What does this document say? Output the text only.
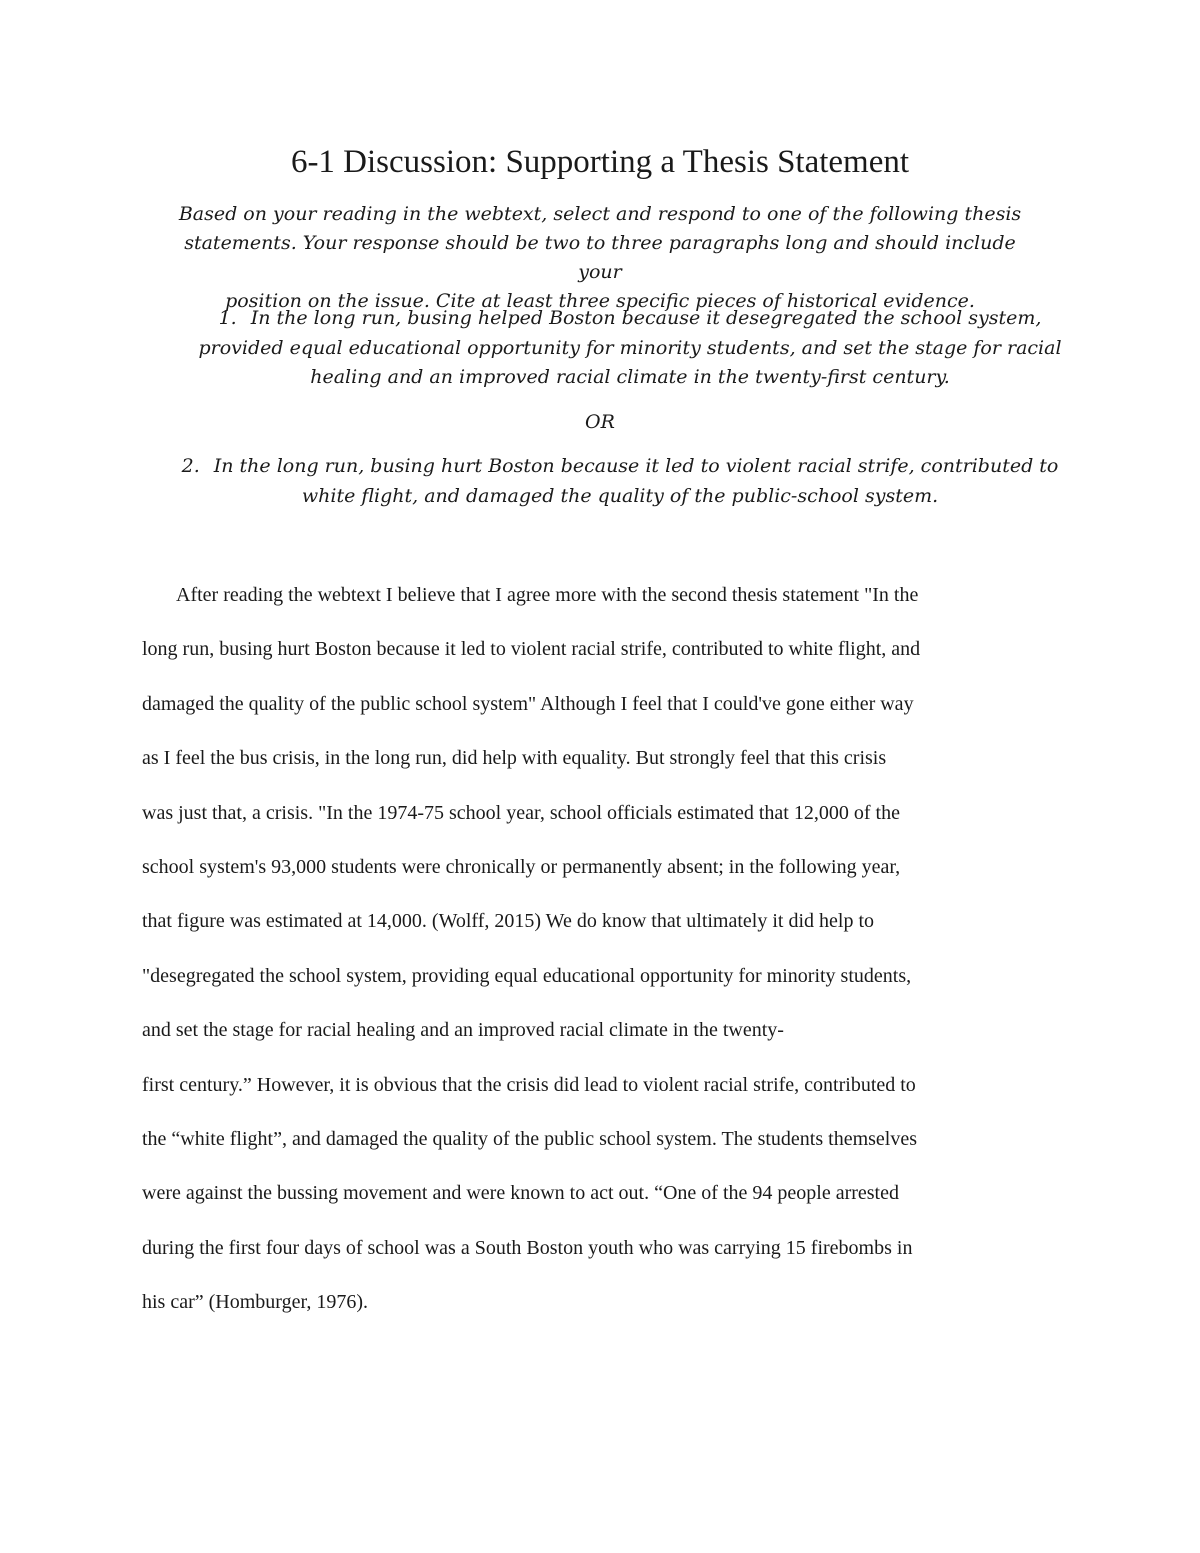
6-1 Discussion: Supporting a Thesis Statement

Based on your reading in the webtext, select and respond to one of the following thesis

statements. Your response should be two to three paragraphs long and should include your

position on the issue. Cite at least three specific pieces of historical evidence.

1. In the long run, busing helped Boston because it desegregated the school system,
provided equal educational opportunity for minority students, and set the stage for racial
healing and an improved racial climate in the twenty-first century.
OR
2. In the long run, busing hurt Boston because it led to violent racial strife, contributed to
white flight, and damaged the quality of the public-school system.
After reading the webtext I believe that I agree more with the second thesis statement "In the
long run, busing hurt Boston because it led to violent racial strife, contributed to white flight, and
damaged the quality of the public school system" Although I feel that I could've gone either way
as I feel the bus crisis, in the long run, did help with equality. But strongly feel that this crisis
was just that, a crisis. "In the 1974-75 school year, school officials estimated that 12,000 of the
school system's 93,000 students were chronically or permanently absent; in the following year,
that figure was estimated at 14,000. (Wolff, 2015) We do know that ultimately it did help to
"desegregated the school system, providing equal educational opportunity for minority students,
and set the stage for racial healing and an improved racial climate in the twenty-
first century.” However, it is obvious that the crisis did lead to violent racial strife, contributed to
the “white flight”, and damaged the quality of the public school system. The students themselves
were against the bussing movement and were known to act out. “One of the 94 people arrested
during the first four days of school was a South Boston youth who was carrying 15 firebombs in
his car” (Homburger, 1976).
